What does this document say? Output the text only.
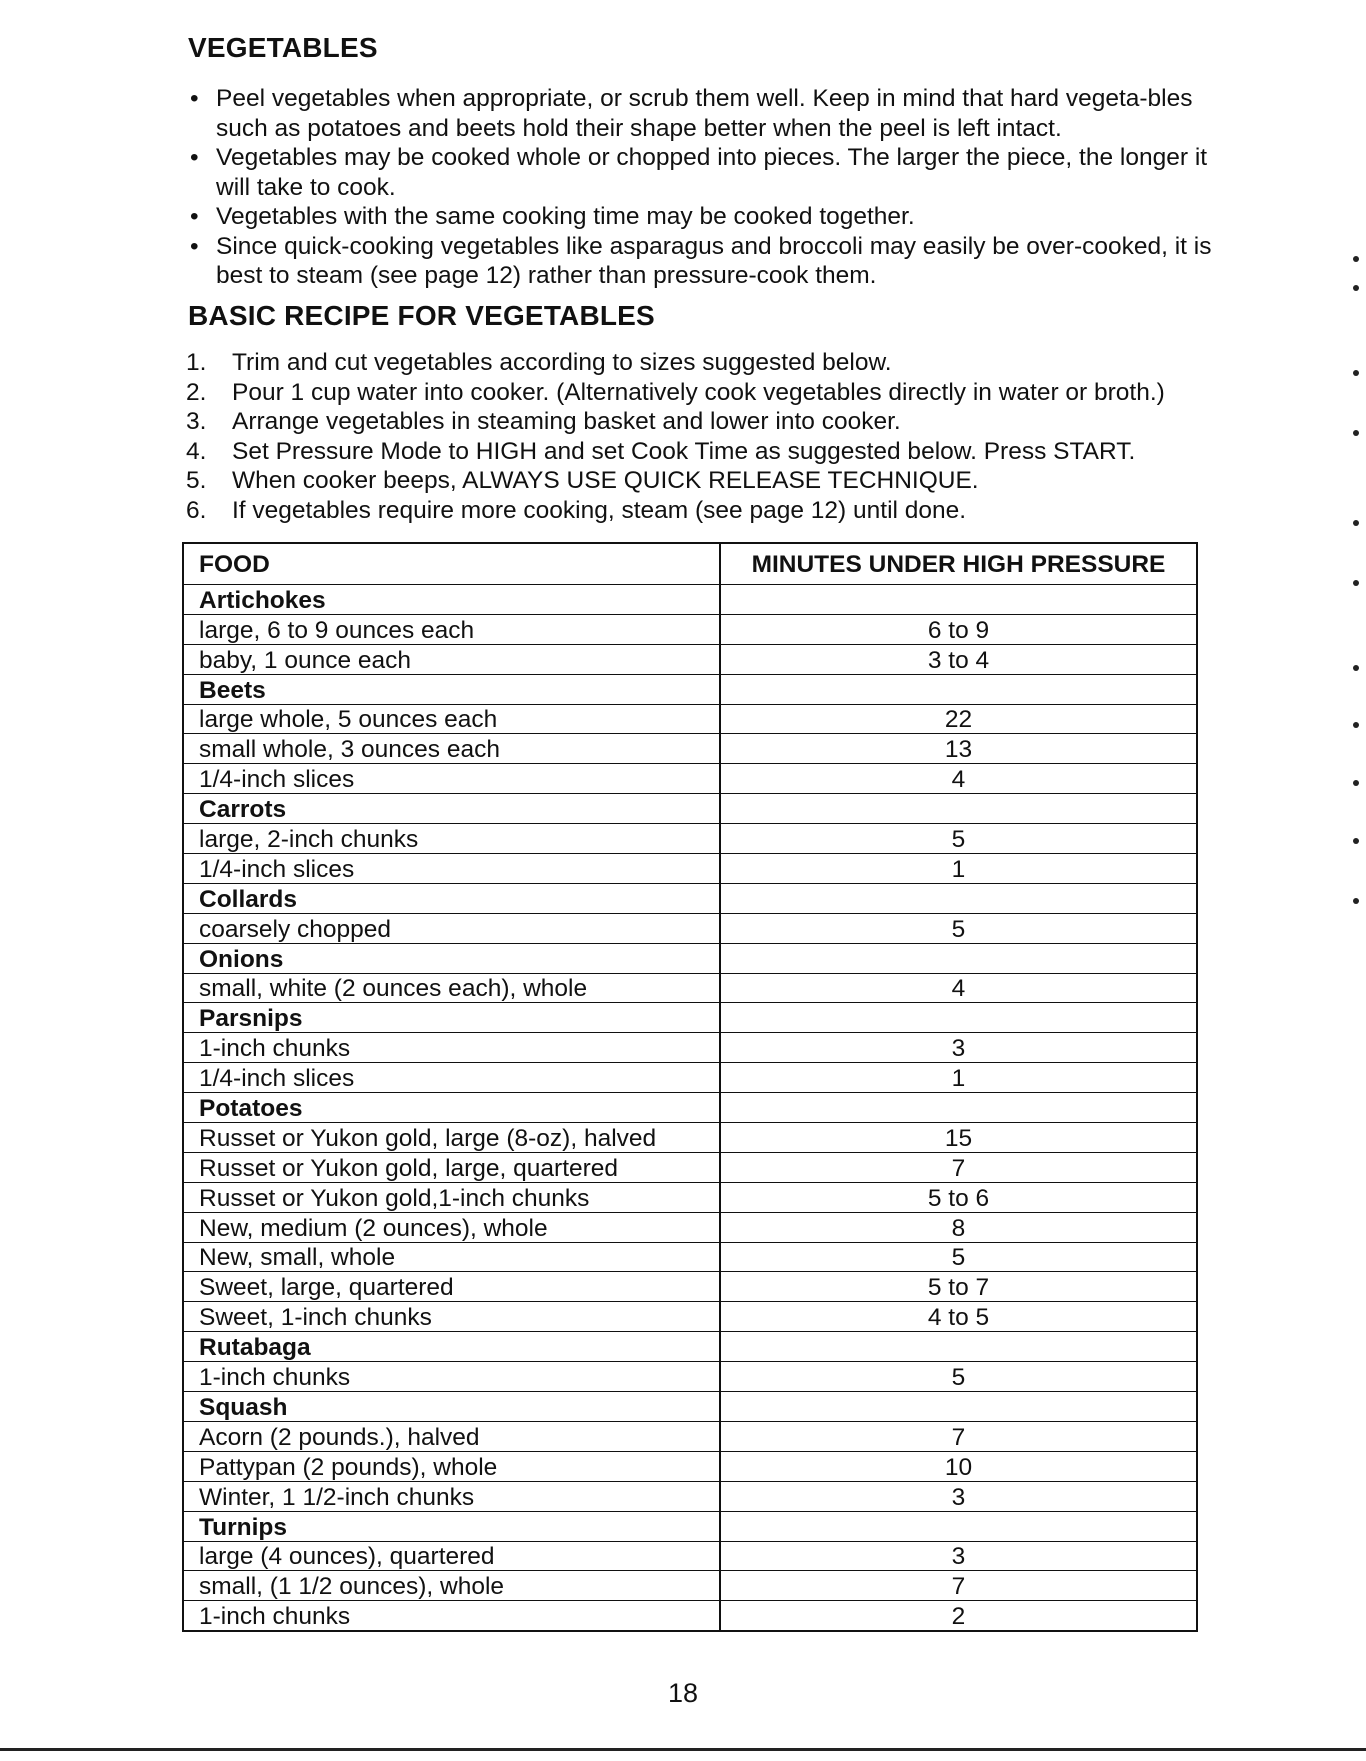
VEGETABLES
• Peel vegetables when appropriate, or scrub them well. Keep in mind that hard vegeta-bles such as potatoes and beets hold their shape better when the peel is left intact.
• Vegetables may be cooked whole or chopped into pieces. The larger the piece, the longer it will take to cook.
• Vegetables with the same cooking time may be cooked together.
• Since quick-cooking vegetables like asparagus and broccoli may easily be over-cooked, it is best to steam (see page 12) rather than pressure-cook them.
BASIC RECIPE FOR VEGETABLES
1. Trim and cut vegetables according to sizes suggested below.
2. Pour 1 cup water into cooker. (Alternatively cook vegetables directly in water or broth.)
3. Arrange vegetables in steaming basket and lower into cooker.
4. Set Pressure Mode to HIGH and set Cook Time as suggested below. Press START.
5. When cooker beeps, ALWAYS USE QUICK RELEASE TECHNIQUE.
6. If vegetables require more cooking, steam (see page 12) until done.
FOOD	MINUTES UNDER HIGH PRESSURE
Artichokes	
large, 6 to 9 ounces each	6 to 9
baby, 1 ounce each	3 to 4
Beets	
large whole, 5 ounces each	22
small whole, 3 ounces each	13
1/4-inch slices	4
Carrots	
large, 2-inch chunks	5
1/4-inch slices	1
Collards	
coarsely chopped	5
Onions	
small, white (2 ounces each), whole	4
Parsnips	
1-inch chunks	3
1/4-inch slices	1
Potatoes	
Russet or Yukon gold, large (8-oz), halved	15
Russet or Yukon gold, large, quartered	7
Russet or Yukon gold,1-inch chunks	5 to 6
New, medium (2 ounces), whole	8
New, small, whole	5
Sweet, large, quartered	5 to 7
Sweet, 1-inch chunks	4 to 5
Rutabaga	
1-inch chunks	5
Squash	
Acorn (2 pounds.), halved	7
Pattypan (2 pounds), whole	10
Winter, 1 1/2-inch chunks	3
Turnips	
large (4 ounces), quartered	3
small, (1 1/2 ounces), whole	7
1-inch chunks	2
18
